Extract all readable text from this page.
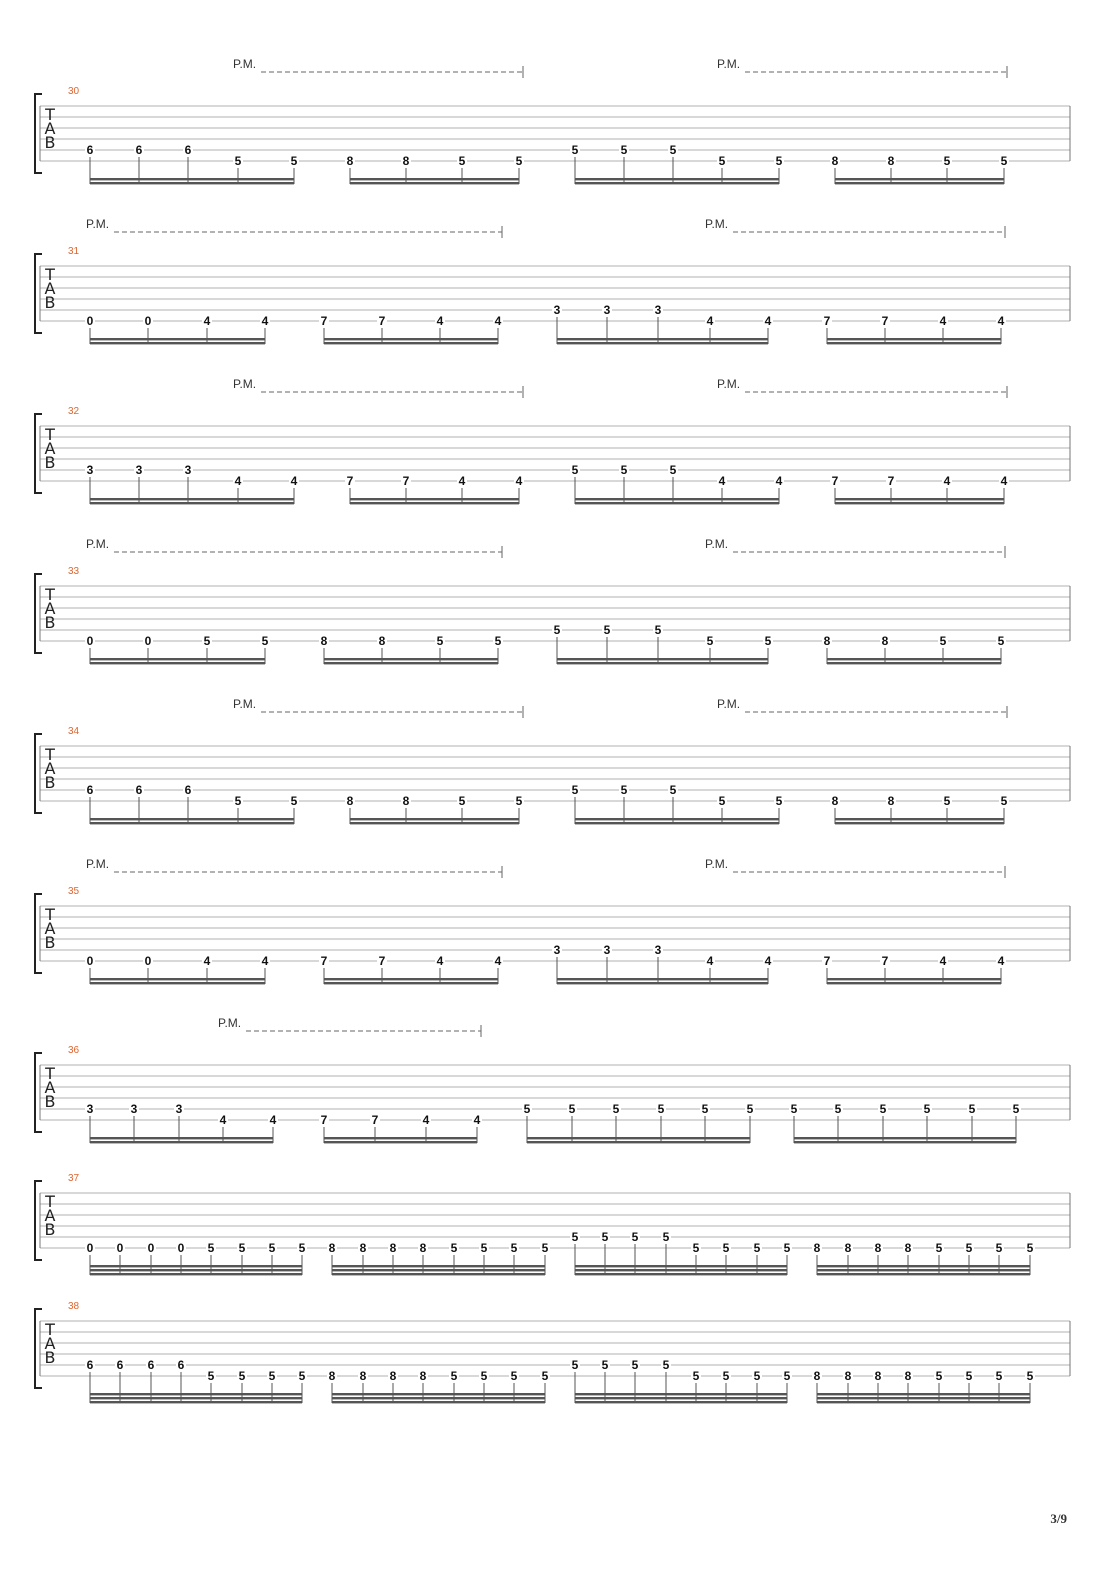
30
T
A
B
P.M.	P.M.
6	6	6
5	5	8	8	5	5
5	5	5
5	5	8	8	5	5
31
T
A
B
P.M.	P.M.
0	0	4	4	7	7	4	4
3	3	3
4	4	7	7	4	4
32
T
A
B
P.M.	P.M.
3	3	3
4	4	7	7	4	4
5	5	5
4	4	7	7	4	4
33
T
A
B
P.M.	P.M.
0	0	5	5	8	8	5	5
5	5	5
5	5	8	8	5	5
34
T
A
B
P.M.	P.M.
6	6	6
5	5	8	8	5	5
5	5	5
5	5	8	8	5	5
35
T
A
B
P.M.	P.M.
0	0	4	4	7	7	4	4
3	3	3
4	4	7	7	4	4
36
T
A
B
P.M.
3	3	3
4	4	7	7	4	4
5	5	5	5	5	5	5	5	5	5	5	5
37
T
A
B
0 0 0 0 5 5 5 5 8 8 8 8 5 5 5 5
5 5 5 5
5 5 5 5 8 8 8 8 5 5 5 5
38
T
A
B	6 6 6 6
5 5 5 5 8 8 8 8 5 5 5 5
5 5 5 5
5 5 5 5 8 8 8 8 5 5 5 5
3/9
